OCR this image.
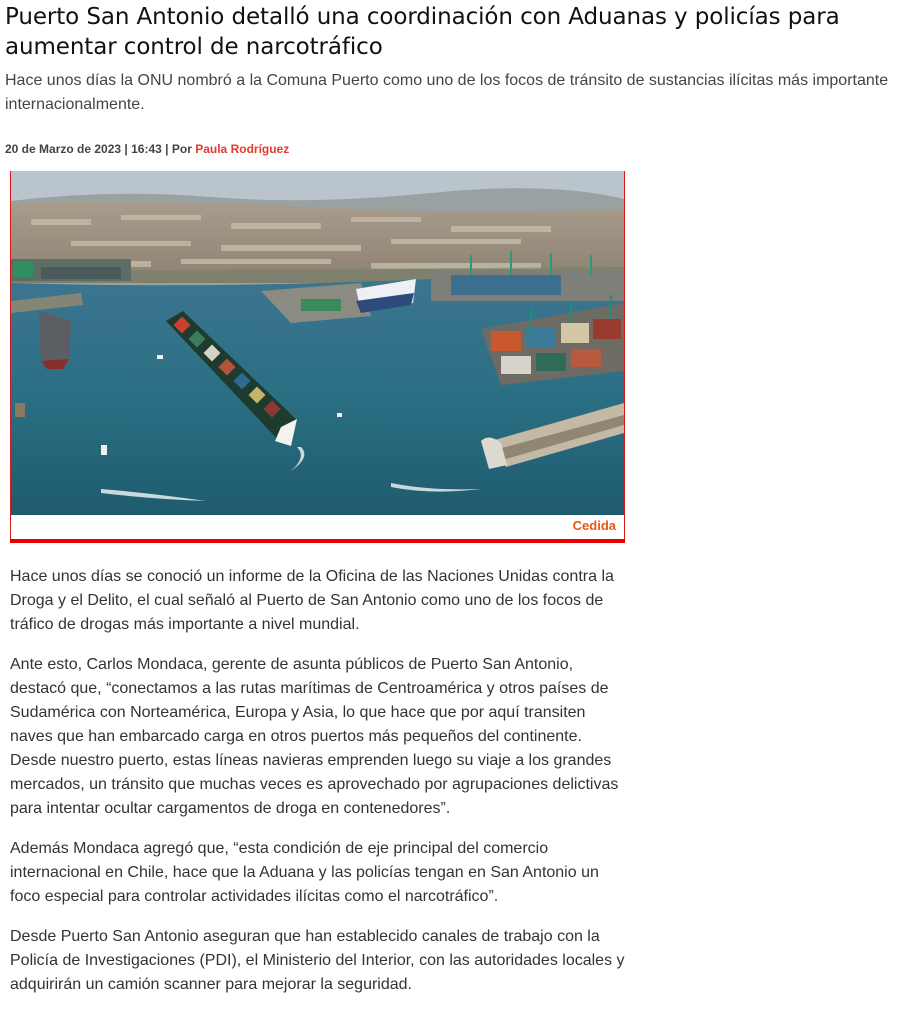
Puerto San Antonio detalló una coordinación con Aduanas y policías para aumentar control de narcotráfico

Hace unos días la ONU nombró a la Comuna Puerto como uno de los focos de tránsito de sustancias ilícitas más importante internacionalmente.

20 de Marzo de 2023 | 16:43 | Por Paula Rodríguez
Cedida

Hace unos días se conoció un informe de la Oficina de las Naciones Unidas contra la Droga y el Delito, el cual señaló al Puerto de San Antonio como uno de los focos de tráfico de drogas más importante a nivel mundial.

Ante esto, Carlos Mondaca, gerente de asunta públicos de Puerto San Antonio, destacó que, “conectamos a las rutas marítimas de Centroamérica y otros países de Sudamérica con Norteamérica, Europa y Asia, lo que hace que por aquí transiten naves que han embarcado carga en otros puertos más pequeños del continente. Desde nuestro puerto, estas líneas navieras emprenden luego su viaje a los grandes mercados, un tránsito que muchas veces es aprovechado por agrupaciones delictivas para intentar ocultar cargamentos de droga en contenedores”.

Además Mondaca agregó que, “esta condición de eje principal del comercio internacional en Chile, hace que la Aduana y las policías tengan en San Antonio un foco especial para controlar actividades ilícitas como el narcotráfico”.

Desde Puerto San Antonio aseguran que han establecido canales de trabajo con la Policía de Investigaciones (PDI), el Ministerio del Interior, con las autoridades locales y adquirirán un camión scanner para mejorar la seguridad.
